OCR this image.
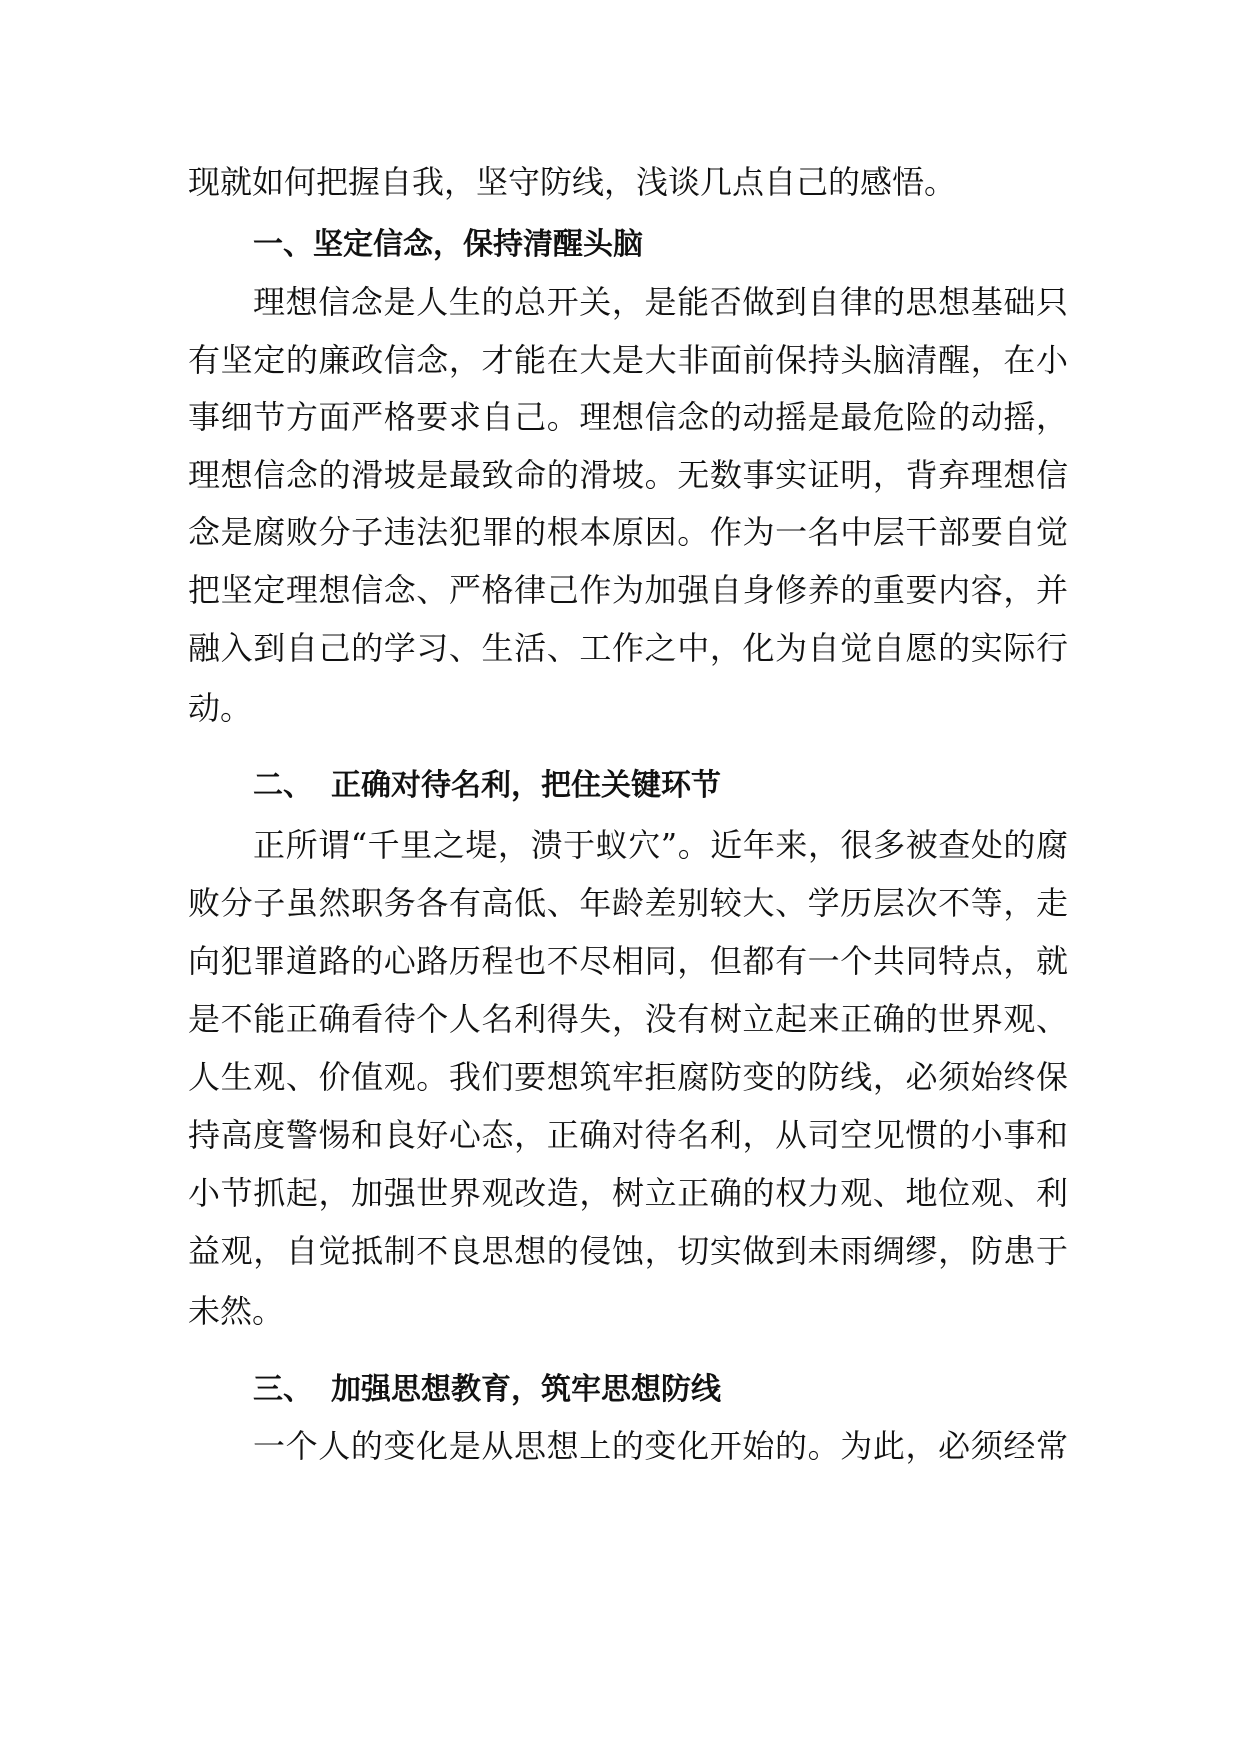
现就如何把握自我，坚守防线，浅谈几点自己的感悟。
一、坚定信念，保持清醒头脑
理想信念是人生的总开关，是能否做到自律的思想基础只
有坚定的廉政信念，才能在大是大非面前保持头脑清醒，在小
事细节方面严格要求自己。理想信念的动摇是最危险的动摇，
理想信念的滑坡是最致命的滑坡。无数事实证明，背弃理想信
念是腐败分子违法犯罪的根本原因。作为一名中层干部要自觉
把坚定理想信念、严格律己作为加强自身修养的重要内容，并
融入到自己的学习、生活、工作之中，化为自觉自愿的实际行
动。
二、 正确对待名利，把住关键环节
正所谓“千里之堤，溃于蚁穴”。近年来，很多被查处的腐
败分子虽然职务各有高低、年龄差别较大、学历层次不等，走
向犯罪道路的心路历程也不尽相同，但都有一个共同特点，就
是不能正确看待个人名利得失，没有树立起来正确的世界观、
人生观、价值观。我们要想筑牢拒腐防变的防线，必须始终保
持高度警惕和良好心态，正确对待名利，从司空见惯的小事和
小节抓起，加强世界观改造，树立正确的权力观、地位观、利
益观，自觉抵制不良思想的侵蚀，切实做到未雨绸缪，防患于
未然。
三、 加强思想教育，筑牢思想防线
一个人的变化是从思想上的变化开始的。为此，必须经常
